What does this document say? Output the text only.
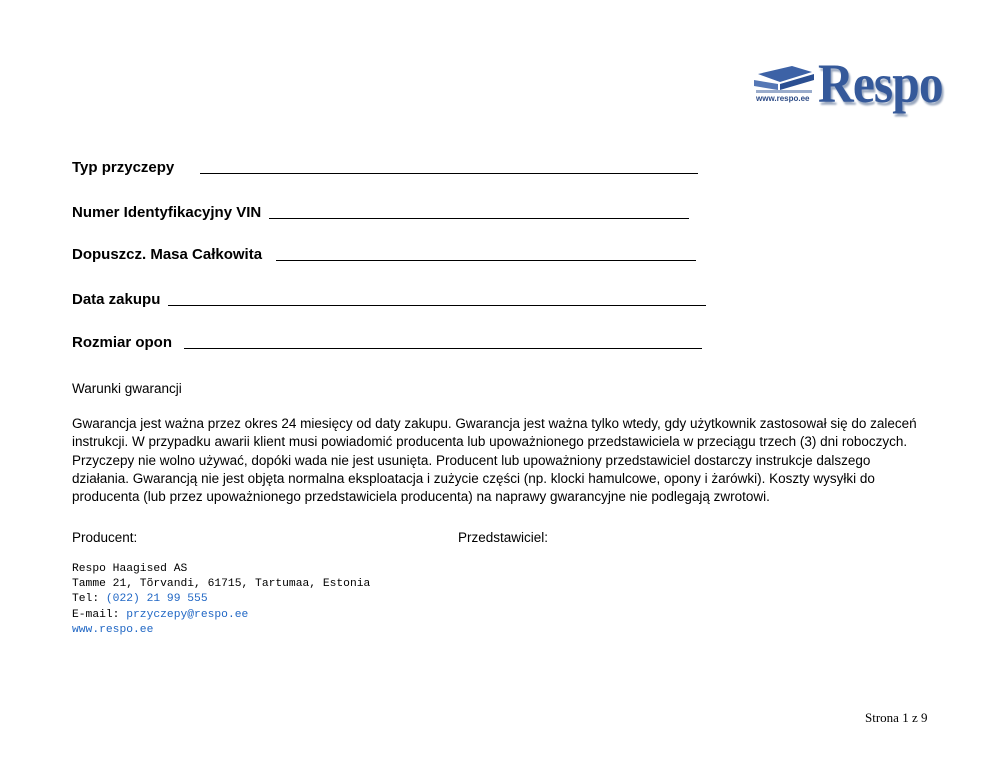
Respo
www.respo.ee
Typ przyczepy
Numer Identyfikacyjny VIN
Dopuszcz. Masa Całkowita
Data zakupu
Rozmiar opon
Warunki gwarancji
Gwarancja jest ważna przez okres 24 miesięcy od daty zakupu. Gwarancja jest ważna tylko wtedy, gdy użytkownik zastosował się do zaleceń
instrukcji. W przypadku awarii klient musi powiadomić producenta lub upoważnionego przedstawiciela w przeciągu trzech (3) dni roboczych.
Przyczepy nie wolno używać, dopóki wada nie jest usunięta. Producent lub upoważniony przedstawiciel dostarczy instrukcje dalszego
działania. Gwarancją nie jest objęta normalna eksploatacja i zużycie części (np. klocki hamulcowe, opony i żarówki). Koszty wysyłki do
producenta (lub przez upoważnionego przedstawiciela producenta) na naprawy gwarancyjne nie podlegają zwrotowi.
Producent:	Przedstawiciel:
Respo Haagised AS
Tamme 21, Tõrvandi, 61715, Tartumaa, Estonia
Tel: (022) 21 99 555
E-mail: przyczepy@respo.ee
www.respo.ee
Strona 1 z 9
